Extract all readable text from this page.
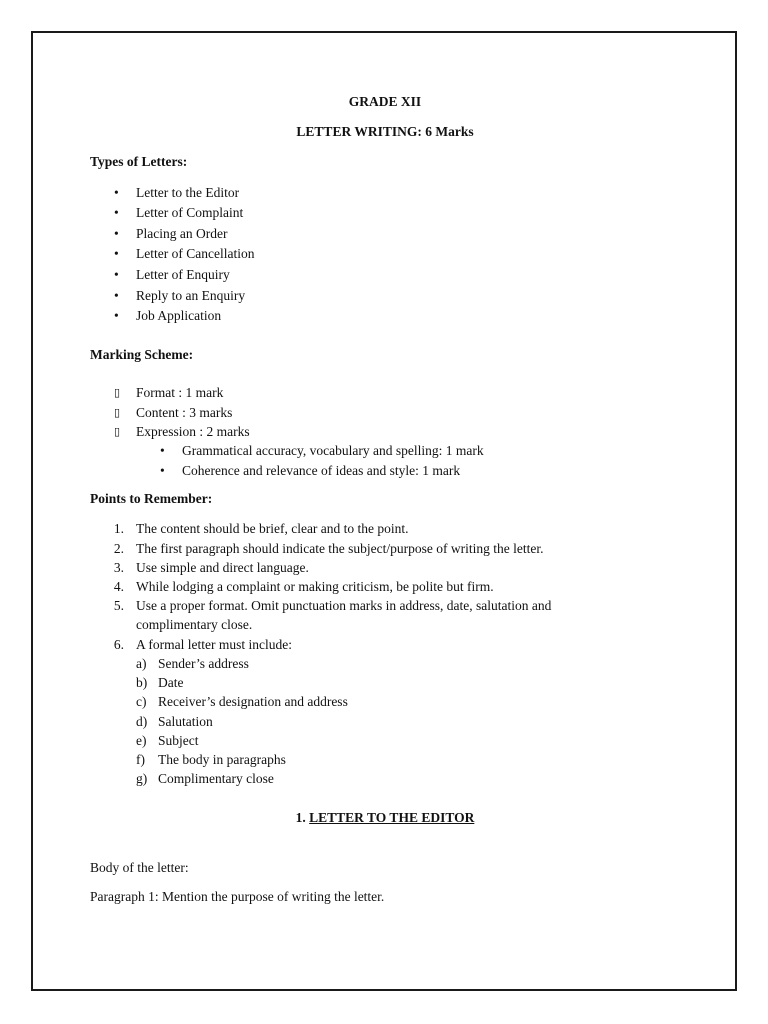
GRADE XII
LETTER WRITING: 6 Marks
Types of Letters:
• Letter to the Editor
• Letter of Complaint
• Placing an Order
• Letter of Cancellation
• Letter of Enquiry
• Reply to an Enquiry
• Job Application
Marking Scheme:
▯ Format : 1 mark
▯ Content : 3 marks
▯ Expression : 2 marks
• Grammatical accuracy, vocabulary and spelling: 1 mark
• Coherence and relevance of ideas and style: 1 mark
Points to Remember:
1. The content should be brief, clear and to the point.
2. The first paragraph should indicate the subject/purpose of writing the letter.
3. Use simple and direct language.
4. While lodging a complaint or making criticism, be polite but firm.
5. Use a proper format. Omit punctuation marks in address, date, salutation and
complimentary close.
6. A formal letter must include:
a) Sender’s address
b) Date
c) Receiver’s designation and address
d) Salutation
e) Subject
f) The body in paragraphs
g) Complimentary close
1. LETTER TO THE EDITOR
Body of the letter:
Paragraph 1: Mention the purpose of writing the letter.
